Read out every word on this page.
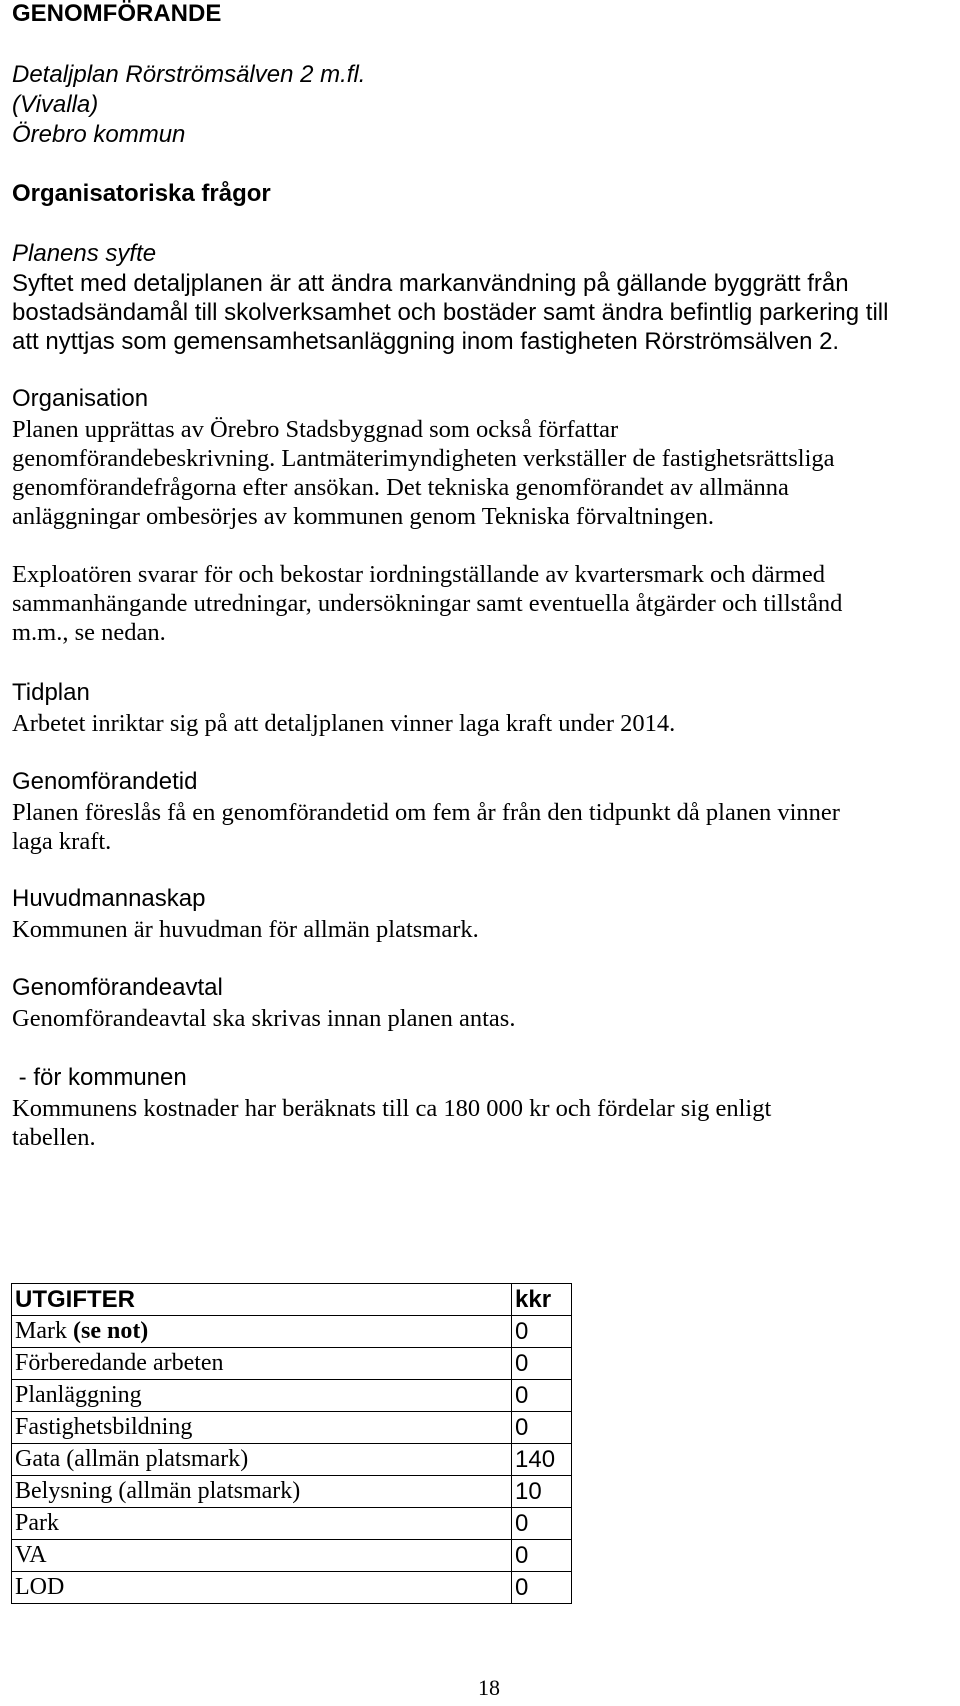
GENOMFÖRANDE
Detaljplan Rörströmsälven 2 m.fl.
(Vivalla)
Örebro kommun
Organisatoriska frågor
Planens syfte
Syftet med detaljplanen är att ändra markanvändning på gällande byggrätt från
bostadsändamål till skolverksamhet och bostäder samt ändra befintlig parkering till
att nyttjas som gemensamhetsanläggning inom fastigheten Rörströmsälven 2.
Organisation
Planen upprättas av Örebro Stadsbyggnad som också författar
genomförandebeskrivning. Lantmäterimyndigheten verkställer de fastighetsrättsliga
genomförandefrågorna efter ansökan. Det tekniska genomförandet av allmänna
anläggningar ombesörjes av kommunen genom Tekniska förvaltningen.
Exploatören svarar för och bekostar iordningställande av kvartersmark och därmed
sammanhängande utredningar, undersökningar samt eventuella åtgärder och tillstånd
m.m., se nedan.
Tidplan
Arbetet inriktar sig på att detaljplanen vinner laga kraft under 2014.
Genomförandetid
Planen föreslås få en genomförandetid om fem år från den tidpunkt då planen vinner
laga kraft.
Huvudmannaskap
Kommunen är huvudman för allmän platsmark.
Genomförandeavtal
Genomförandeavtal ska skrivas innan planen antas.
- för kommunen
Kommunens kostnader har beräknats till ca 180 000 kr och fördelar sig enligt
tabellen.
UTGIFTER	kkr
Mark (se not)	0
Förberedande arbeten	0
Planläggning	0
Fastighetsbildning	0
Gata (allmän platsmark)	140
Belysning (allmän platsmark)	10
Park	0
VA	0
LOD	0
18
